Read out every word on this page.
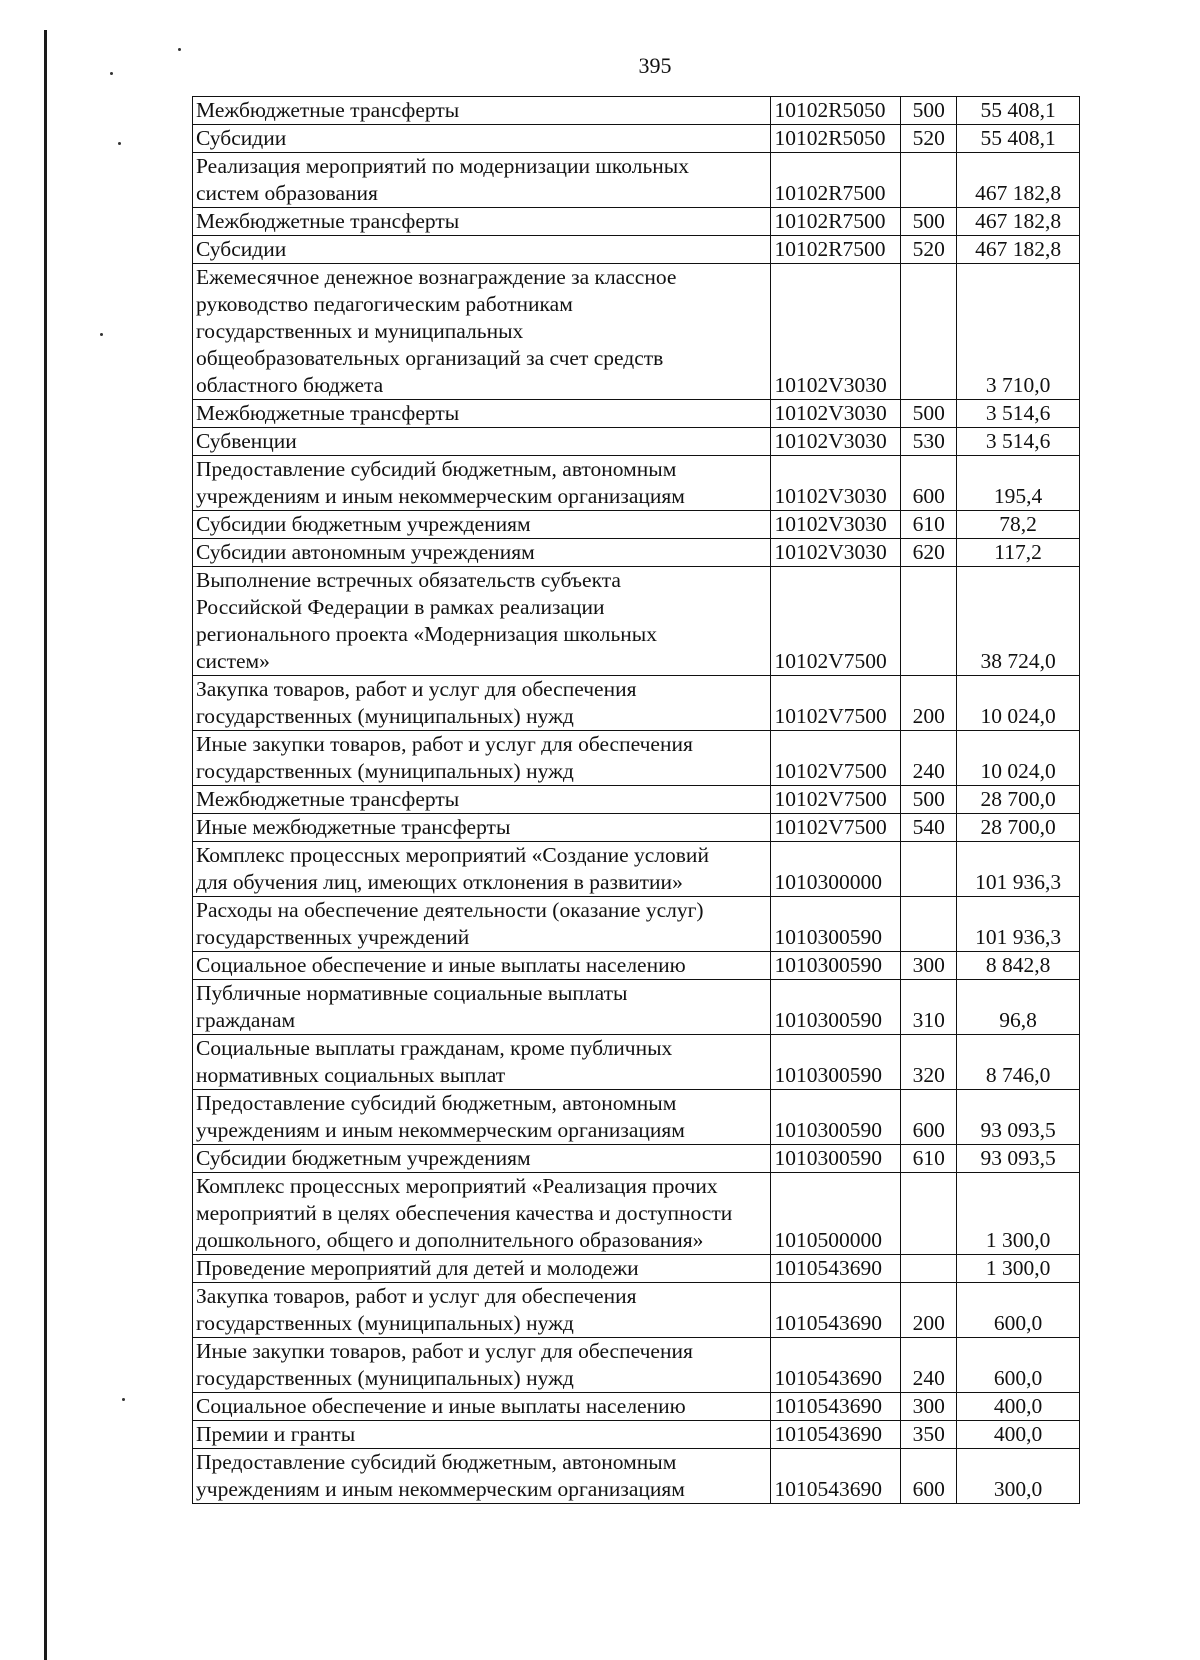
395
Межбюджетные трансферты	10102R5050	500	55 408,1

Субсидии	10102R5050	520	55 408,1

Реализация мероприятий по модернизации школьных
систем образования	10102R7500		467 182,8

Межбюджетные трансферты	10102R7500	500	467 182,8

Субсидии	10102R7500	520	467 182,8

Ежемесячное денежное вознаграждение за классное
руководство педагогическим работникам
государственных и муниципальных
общеобразовательных организаций за счет средств
областного бюджета	10102V3030		3 710,0

Межбюджетные трансферты	10102V3030	500	3 514,6

Субвенции	10102V3030	530	3 514,6

Предоставление субсидий бюджетным, автономным
учреждениям и иным некоммерческим организациям	10102V3030	600	195,4

Субсидии бюджетным учреждениям	10102V3030	610	78,2

Субсидии автономным учреждениям	10102V3030	620	117,2

Выполнение встречных обязательств субъекта
Российской Федерации в рамках реализации
регионального проекта «Модернизация школьных
систем»	10102V7500		38 724,0

Закупка товаров, работ и услуг для обеспечения
государственных (муниципальных) нужд	10102V7500	200	10 024,0

Иные закупки товаров, работ и услуг для обеспечения
государственных (муниципальных) нужд	10102V7500	240	10 024,0

Межбюджетные трансферты	10102V7500	500	28 700,0

Иные межбюджетные трансферты	10102V7500	540	28 700,0

Комплекс процессных мероприятий «Создание условий
для обучения лиц, имеющих отклонения в развитии»	1010300000		101 936,3

Расходы на обеспечение деятельности (оказание услуг)
государственных учреждений	1010300590		101 936,3

Социальное обеспечение и иные выплаты населению	1010300590	300	8 842,8

Публичные нормативные социальные выплаты
гражданам	1010300590	310	96,8

Социальные выплаты гражданам, кроме публичных
нормативных социальных выплат	1010300590	320	8 746,0

Предоставление субсидий бюджетным, автономным
учреждениям и иным некоммерческим организациям	1010300590	600	93 093,5

Субсидии бюджетным учреждениям	1010300590	610	93 093,5

Комплекс процессных мероприятий «Реализация прочих
мероприятий в целях обеспечения качества и доступности
дошкольного, общего и дополнительного образования»	1010500000		1 300,0

Проведение мероприятий для детей и молодежи	1010543690		1 300,0

Закупка товаров, работ и услуг для обеспечения
государственных (муниципальных) нужд	1010543690	200	600,0

Иные закупки товаров, работ и услуг для обеспечения
государственных (муниципальных) нужд	1010543690	240	600,0

Социальное обеспечение и иные выплаты населению	1010543690	300	400,0

Премии и гранты	1010543690	350	400,0

Предоставление субсидий бюджетным, автономным
учреждениям и иным некоммерческим организациям	1010543690	600	300,0
